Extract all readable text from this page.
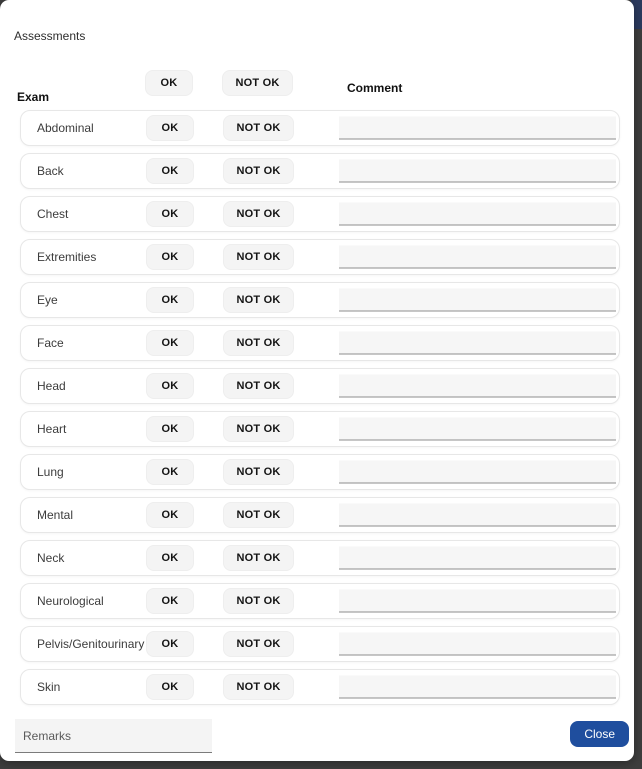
Assessments
Exam
OK	NOT OK	Comment
Abdominal	OK	NOT OK
Back	OK	NOT OK
Chest	OK	NOT OK
Extremities	OK	NOT OK
Eye	OK	NOT OK
Face	OK	NOT OK
Head	OK	NOT OK
Heart	OK	NOT OK
Lung	OK	NOT OK
Mental	OK	NOT OK
Neck	OK	NOT OK
Neurological	OK	NOT OK
Pelvis/Genitourinary	OK	NOT OK
Skin	OK	NOT OK
Remarks
Close
